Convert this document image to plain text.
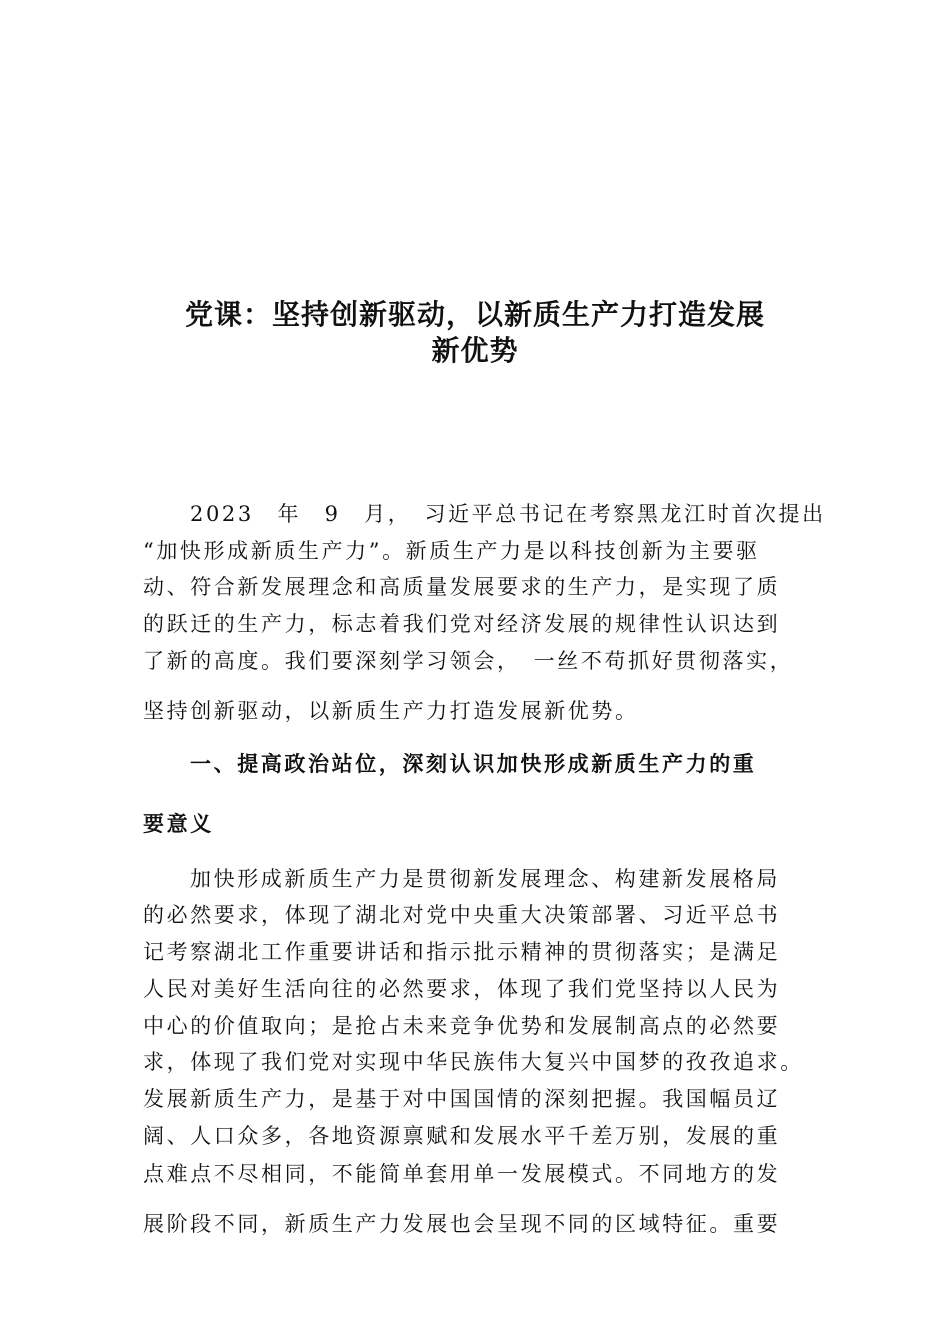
党课：坚持创新驱动，以新质生产力打造发展
新优势
2023　年　9　月，　习近平总书记在考察黑龙江时首次提出
“加快形成新质生产力”。新质生产力是以科技创新为主要驱
动、符合新发展理念和高质量发展要求的生产力，是实现了质
的跃迁的生产力，标志着我们党对经济发展的规律性认识达到
了新的高度。我们要深刻学习领会，　一丝不苟抓好贯彻落实，
坚持创新驱动，以新质生产力打造发展新优势。
一、提高政治站位，深刻认识加快形成新质生产力的重
要意义
加快形成新质生产力是贯彻新发展理念、构建新发展格局
的必然要求，体现了湖北对党中央重大决策部署、习近平总书
记考察湖北工作重要讲话和指示批示精神的贯彻落实；是满足
人民对美好生活向往的必然要求，体现了我们党坚持以人民为
中心的价值取向；是抢占未来竞争优势和发展制高点的必然要
求，体现了我们党对实现中华民族伟大复兴中国梦的孜孜追求。
发展新质生产力，是基于对中国国情的深刻把握。我国幅员辽
阔、人口众多，各地资源禀赋和发展水平千差万别，发展的重
点难点不尽相同，不能简单套用单一发展模式。不同地方的发
展阶段不同，新质生产力发展也会呈现不同的区域特征。重要
